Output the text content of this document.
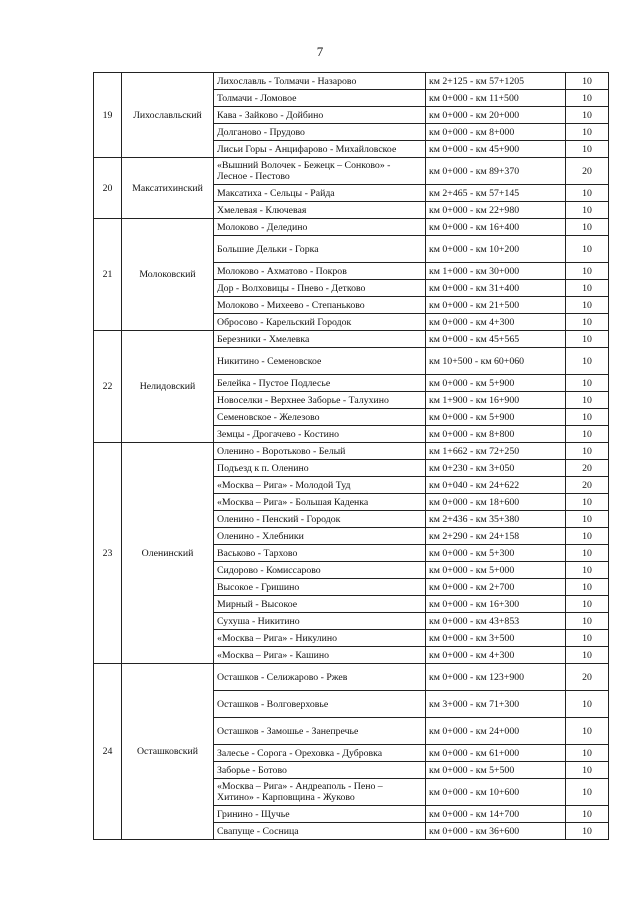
7
19	Лихославльский	Лихославль - Толмачи - Назарово	км 2+125 - км 57+1205	10
		Толмачи - Ломовое	км 0+000 - км 11+500	10
		Кава - Зайково - Дойбино	км 0+000 - км 20+000	10
		Долганово - Прудово	км 0+000 - км 8+000	10
		Лисьи Горы - Анцифарово - Михайловское	км 0+000 - км 45+900	10
20	Максатихинский	«Вышний Волочек - Бежецк – Сонково» - Лесное - Пестово	км 0+000 - км 89+370	20
		Максатиха - Сельцы - Райда	км 2+465 - км 57+145	10
		Хмелевая - Ключевая	км 0+000 - км 22+980	10
21	Молоковский	Молоково - Деледино	км 0+000 - км 16+400	10
		Большие Дельки - Горка	км 0+000 - км 10+200	10
		Молоково - Ахматово - Покров	км 1+000 - км 30+000	10
		Дор - Волховицы - Пнево - Детково	км 0+000 - км 31+400	10
		Молоково - Михеево - Степаньково	км 0+000 - км 21+500	10
		Обросово - Карельский Городок	км 0+000 - км 4+300	10
22	Нелидовский	Березники - Хмелевка	км 0+000 - км 45+565	10
		Никитино - Семеновское	км 10+500 - км 60+060	10
		Белейка - Пустое Подлесье	км 0+000 - км 5+900	10
		Новоселки - Верхнее Заборье - Талухино	км 1+900 - км 16+900	10
		Семеновское - Железово	км 0+000 - км 5+900	10
		Земцы - Дрогачево - Костино	км 0+000 - км 8+800	10
23	Оленинский	Оленино - Воротьково - Белый	км 1+662 - км 72+250	10
		Подъезд к п. Оленино	км 0+230 - км 3+050	20
		«Москва – Рига» - Молодой Туд	км 0+040 - км 24+622	20
		«Москва – Рига» - Большая Каденка	км 0+000 - км 18+600	10
		Оленино - Пенский - Городок	км 2+436 - км 35+380	10
		Оленино - Хлебники	км 2+290 - км 24+158	10
		Васьково - Тархово	км 0+000 - км 5+300	10
		Сидорово - Комиссарово	км 0+000 - км 5+000	10
		Высокое - Гришино	км 0+000 - км 2+700	10
		Мирный - Высокое	км 0+000 - км 16+300	10
		Сухуша - Никитино	км 0+000 - км 43+853	10
		«Москва – Рига» - Никулино	км 0+000 - км 3+500	10
		«Москва – Рига» - Кашино	км 0+000 - км 4+300	10
24	Осташковский	Осташков - Селижарово - Ржев	км 0+000 - км 123+900	20
		Осташков - Волговерховье	км 3+000 - км 71+300	10
		Осташков - Замошье - Занепречье	км 0+000 - км 24+000	10
		Залесье - Сорога - Ореховка - Дубровка	км 0+000 - км 61+000	10
		Заборье - Ботово	км 0+000 - км 5+500	10
		«Москва – Рига» - Андреаполь - Пено – Хитино» - Карповщина - Жуково	км 0+000 - км 10+600	10
		Гринино - Щучье	км 0+000 - км 14+700	10
		Свапуще - Сосница	км 0+000 - км 36+600	10
